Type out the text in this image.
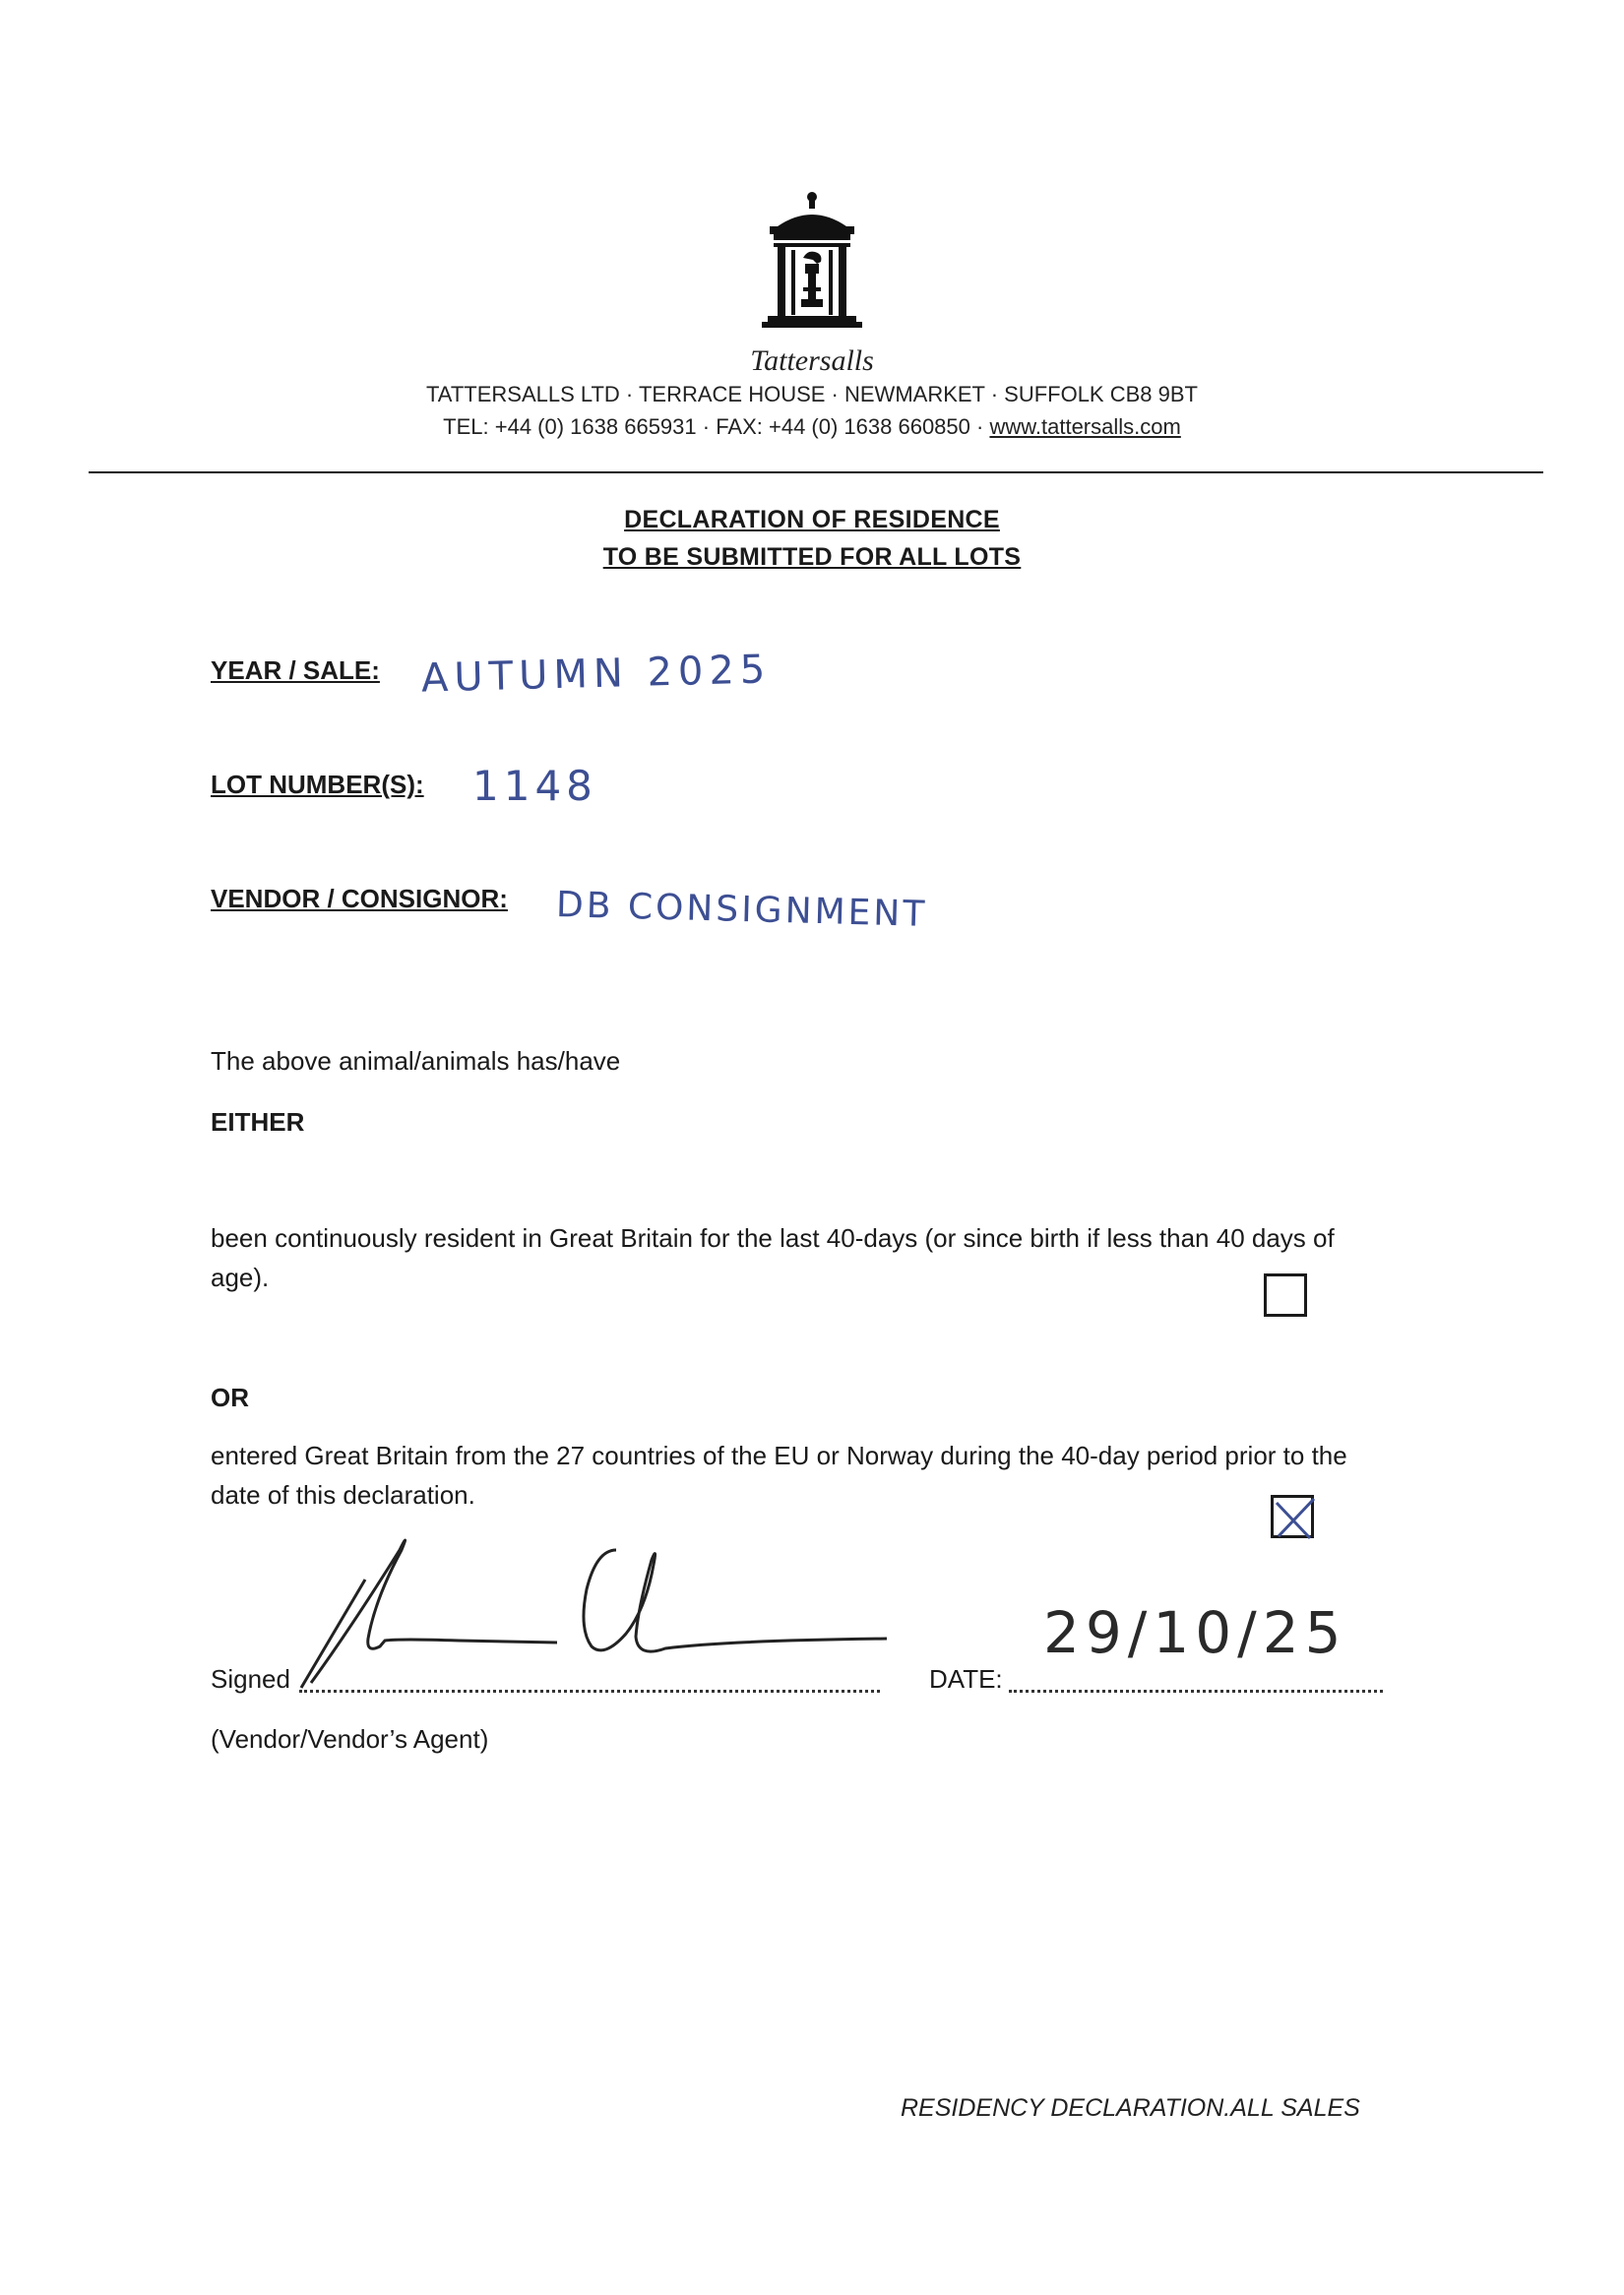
Tattersalls
TATTERSALLS LTD · TERRACE HOUSE · NEWMARKET · SUFFOLK CB8 9BT
TEL: +44 (0) 1638 665931 · FAX: +44 (0) 1638 660850 · www.tattersalls.com
DECLARATION OF RESIDENCE
TO BE SUBMITTED FOR ALL LOTS
YEAR / SALE: AUTUMN 2025
LOT NUMBER(S): 1148
VENDOR / CONSIGNOR: DB CONSIGNMENT
The above animal/animals has/have
EITHER
been continuously resident in Great Britain for the last 40-days (or since birth if less than 40 days of age).
OR
entered Great Britain from the 27 countries of the EU or Norway during the 40-day period prior to the date of this declaration.
Signed	DATE:
29/10/25
(Vendor/Vendor’s Agent)
RESIDENCY DECLARATION.ALL SALES
